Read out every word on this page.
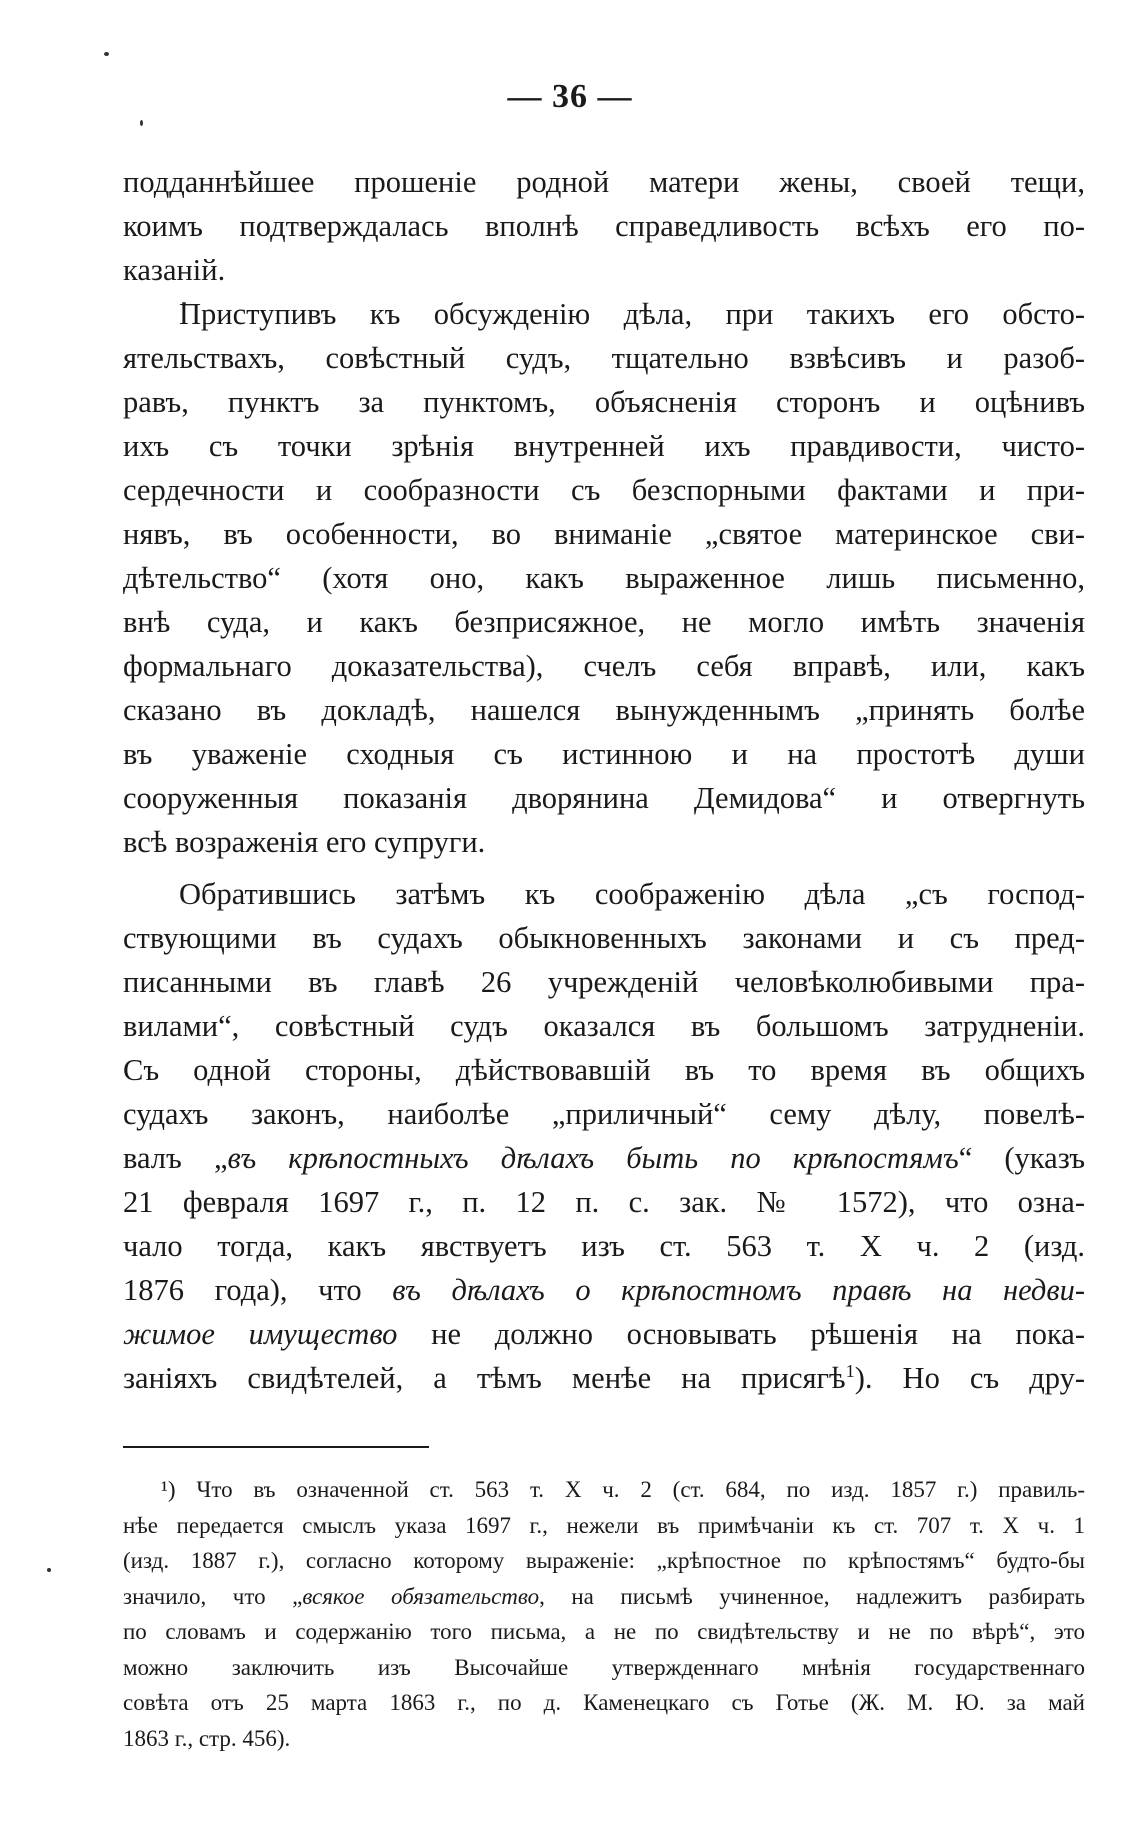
— 36 —
подданнѣйшее прошеніе родной матери жены, своей тещи,
коимъ подтверждалась вполнѣ справедливость всѣхъ его по-
казаній.
Приступивъ къ обсужденію дѣла, при такихъ его обсто-
ятельствахъ, совѣстный судъ, тщательно взвѣсивъ и разоб-
равъ, пунктъ за пунктомъ, объясненія сторонъ и оцѣнивъ
ихъ съ точки зрѣнія внутренней ихъ правдивости, чисто-
сердечности и сообразности съ безспорными фактами и при-
нявъ, въ особенности, во вниманіе „святое материнское сви-
дѣтельство“ (хотя оно, какъ выраженное лишь письменно,
внѣ суда, и какъ безприсяжное, не могло имѣть значенія
формальнаго доказательства), счелъ себя вправѣ, или, какъ
сказано въ докладѣ, нашелся вынужденнымъ „принять болѣе
въ уваженіе сходныя съ истинною и на простотѣ души
сооруженныя показанія дворянина Демидова“ и отвергнуть
всѣ возраженія его супруги.
Обратившись затѣмъ къ соображенію дѣла „съ господ-
ствующими въ судахъ обыкновенныхъ законами и съ пред-
писанными въ главѣ 26 учрежденій человѣколюбивыми пра-
вилами“, совѣстный судъ оказался въ большомъ затрудненіи.
Съ одной стороны, дѣйствовавшій въ то время въ общихъ
судахъ законъ, наиболѣе „приличный“ сему дѣлу, повелѣ-
валъ „въ крѣпостныхъ дѣлахъ быть по крѣпостямъ“ (указъ
21 февраля 1697 г., п. 12 п. с. зак. № 1572), что озна-
чало тогда, какъ явствуетъ изъ ст. 563 т. X ч. 2 (изд.
1876 года), что въ дѣлахъ о крѣпостномъ правѣ на недви-
жимое имущество не должно основывать рѣшенія на пока-
заніяхъ свидѣтелей, а тѣмъ менѣе на присягѣ$^1$). Но съ дру-
¹) Что въ означенной ст. 563 т. X ч. 2 (ст. 684, по изд. 1857 г.) правиль-
нѣе передается смыслъ указа 1697 г., нежели въ примѣчаніи къ ст. 707 т. X ч. 1
(изд. 1887 г.), согласно которому выраженіе: „крѣпостное по крѣпостямъ“ будто-бы
значило, что „всякое обязательство, на письмѣ учиненное, надлежитъ разбирать
по словамъ и содержанію того письма, а не по свидѣтельству и не по вѣрѣ“, это
можно заключить изъ Высочайше утвержденнаго мнѣнія государственнаго
совѣта отъ 25 марта 1863 г., по д. Каменецкаго съ Готье (Ж. М. Ю. за май
1863 г., стр. 456).
